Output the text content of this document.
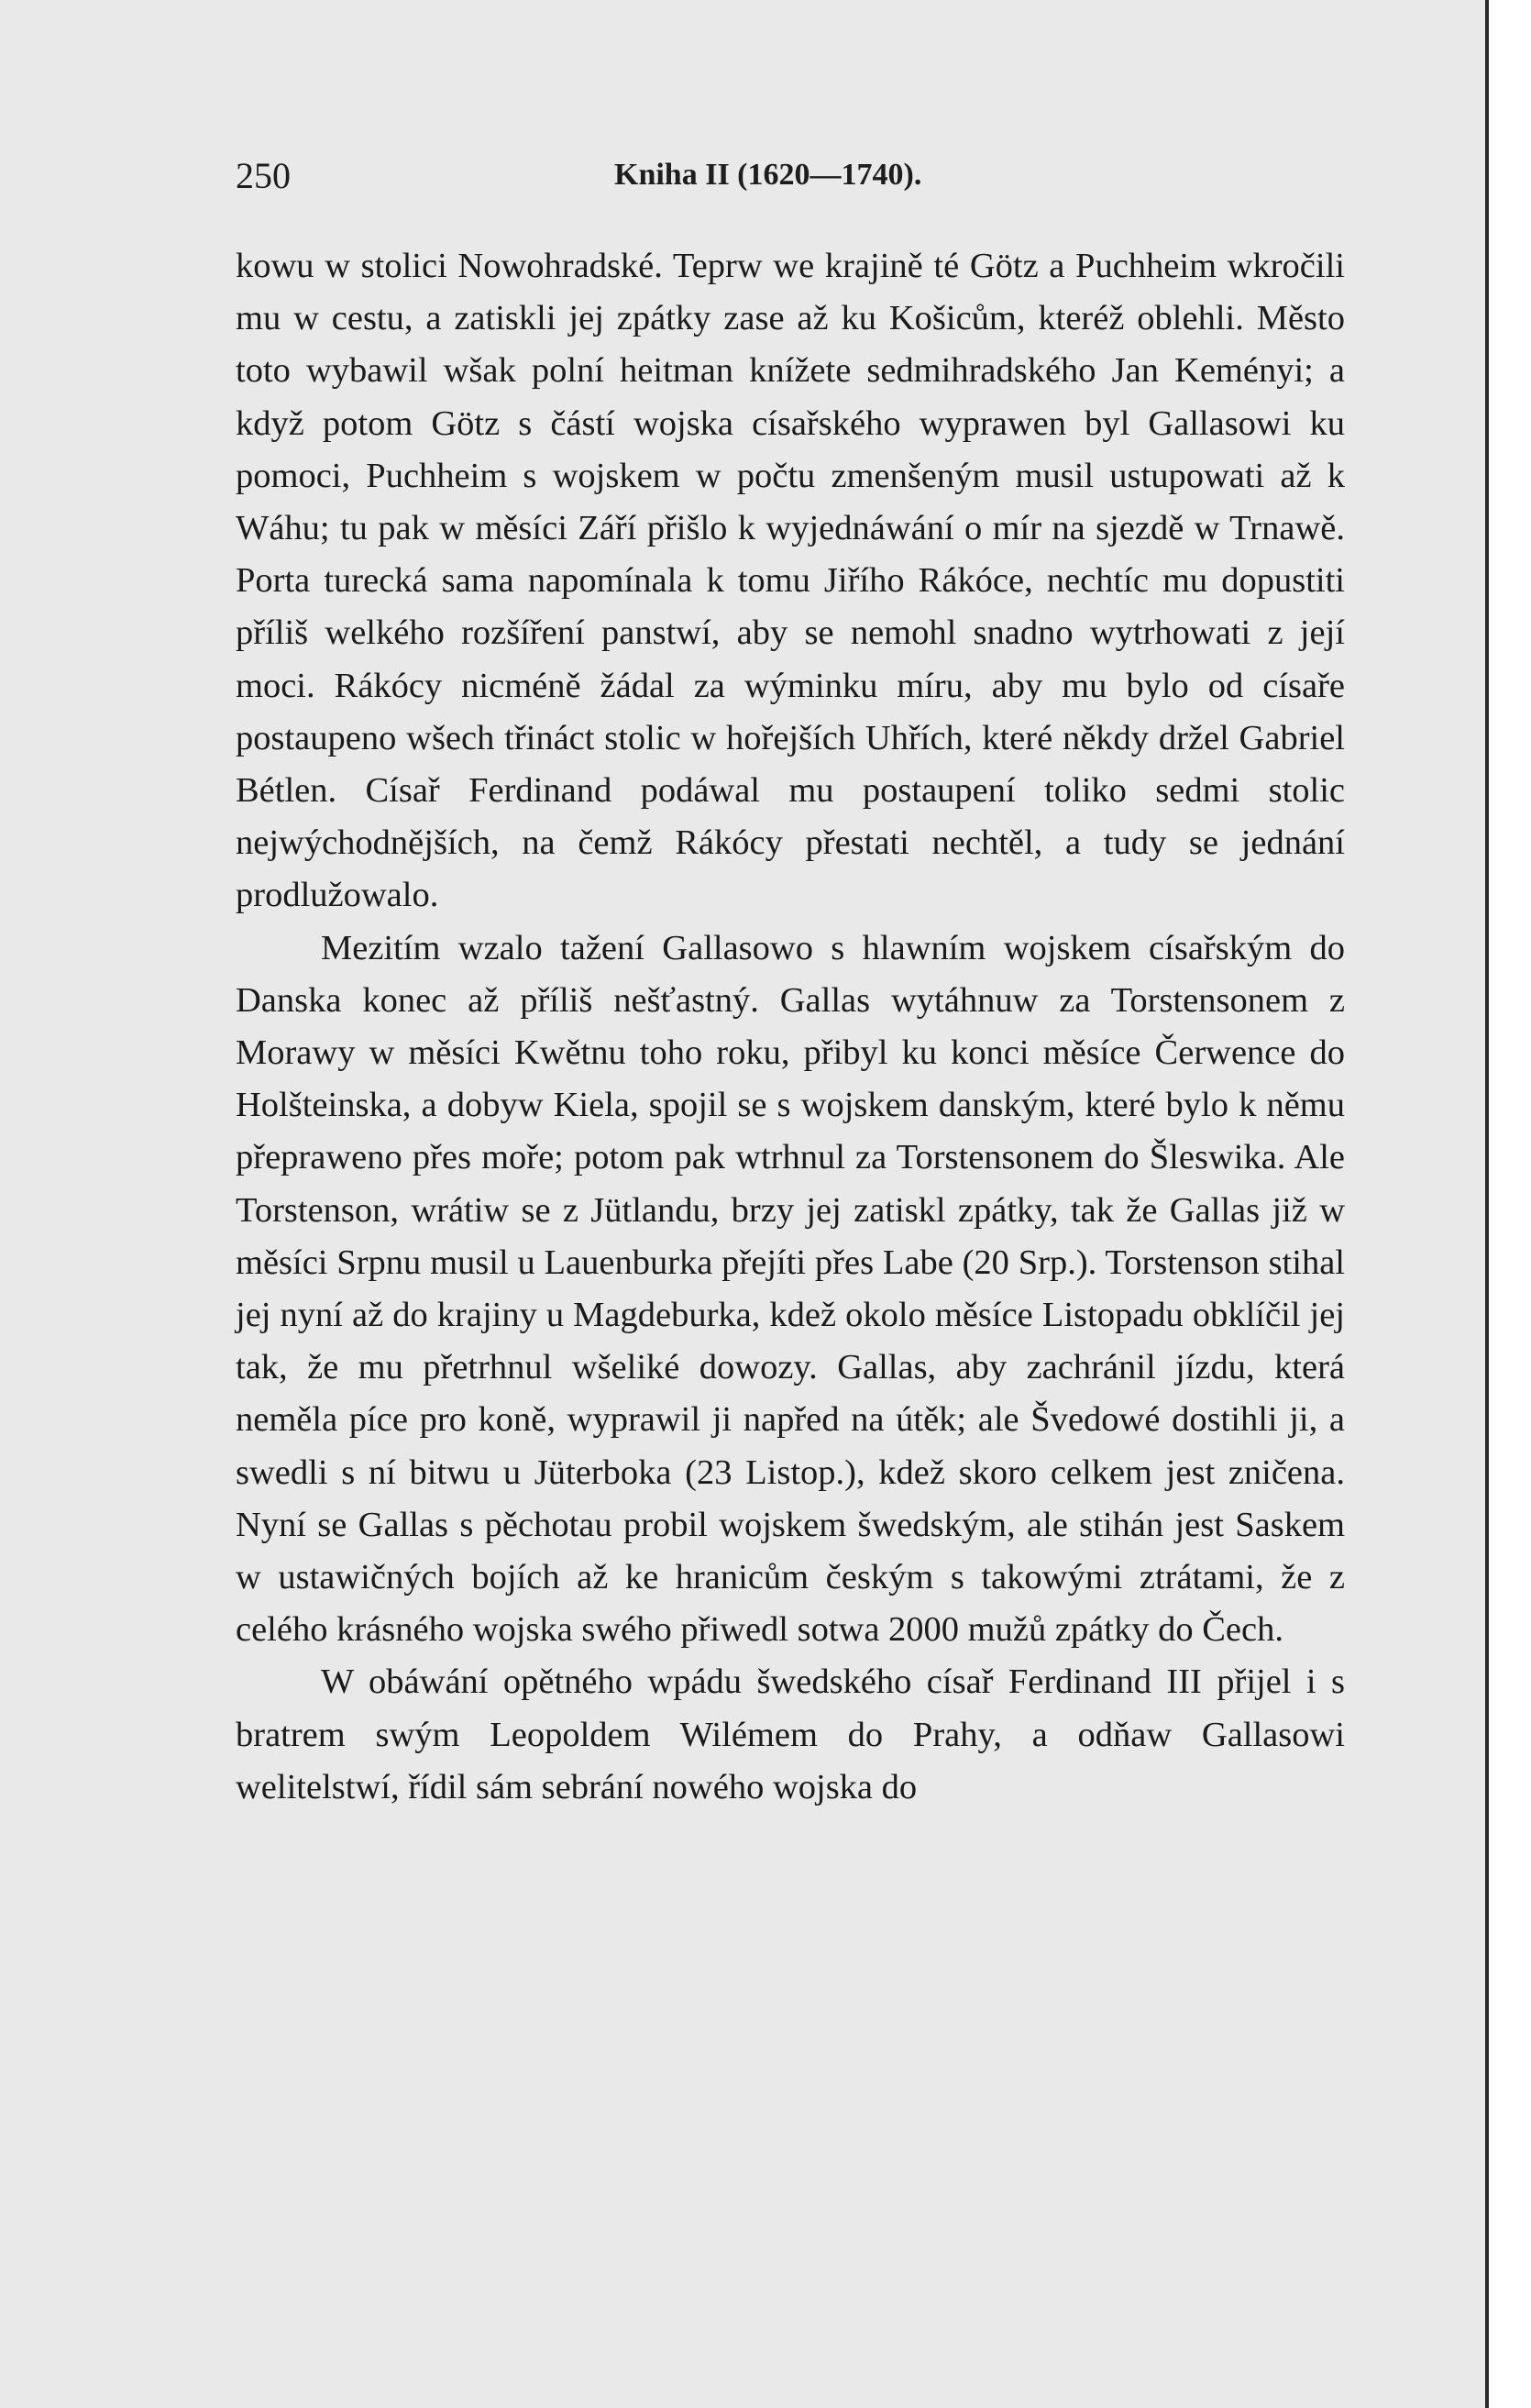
250	Kniha II (1620—1740).

kowu w stolici Nowohradské. Teprw we krajině té Götz a Puchheim wkročili mu w cestu, a zatiskli jej zpátky zase až ku Košicům, kteréž oblehli. Město toto wybawil wšak polní heitman knížete sedmihradského Jan Keményi; a když potom Götz s částí wojska císařského wyprawen byl Gallasowi ku pomoci, Puchheim s wojskem w počtu zmenšeným musil ustupowati až k Wáhu; tu pak w měsíci Září přišlo k wyjednáwání o mír na sjezdě w Trnawě. Porta turecká sama napomínala k tomu Jiřího Rákóce, nechtíc mu dopustiti příliš welkého rozšíření panstwí, aby se nemohl snadno wytrhowati z její moci. Rákócy nicméně žádal za wýminku míru, aby mu bylo od císaře postaupeno wšech třináct stolic w hořejších Uhřích, které někdy držel Gabriel Bétlen. Císař Ferdinand podáwal mu postaupení toliko sedmi stolic nejwýchodnějších, na čemž Rákócy přestati nechtěl, a tudy se jednání prodlužowalo.

Mezitím wzalo tažení Gallasowo s hlawním wojskem císařským do Danska konec až příliš nešťastný. Gallas wytáhnuw za Torstensonem z Morawy w měsíci Kwětnu toho roku, přibyl ku konci měsíce Čerwence do Holšteinska, a dobyw Kiela, spojil se s wojskem danským, které bylo k němu přepraweno přes moře; potom pak wtrhnul za Torstensonem do Šleswika. Ale Torstenson, wrátiw se z Jütlandu, brzy jej zatiskl zpátky, tak že Gallas již w měsíci Srpnu musil u Lauenburka přejíti přes Labe (20 Srp.). Torstenson stihal jej nyní až do krajiny u Magdeburka, kdež okolo měsíce Listopadu obklíčil jej tak, že mu přetrhnul wšeliké dowozy. Gallas, aby zachránil jízdu, která neměla píce pro koně, wyprawil ji napřed na útěk; ale Švedowé dostihli ji, a swedli s ní bitwu u Jüterboka (23 Listop.), kdež skoro celkem jest zničena. Nyní se Gallas s pěchotau probil wojskem šwedským, ale stihán jest Saskem w ustawičných bojích až ke hranicům českým s takowými ztrátami, že z celého krásného wojska swého přiwedl sotwa 2000 mužů zpátky do Čech.

W obáwání opětného wpádu šwedského císař Ferdinand III přijel i s bratrem swým Leopoldem Wilémem do Prahy, a odňaw Gallasowi welitelstwí, řídil sám sebrání nowého wojska do
